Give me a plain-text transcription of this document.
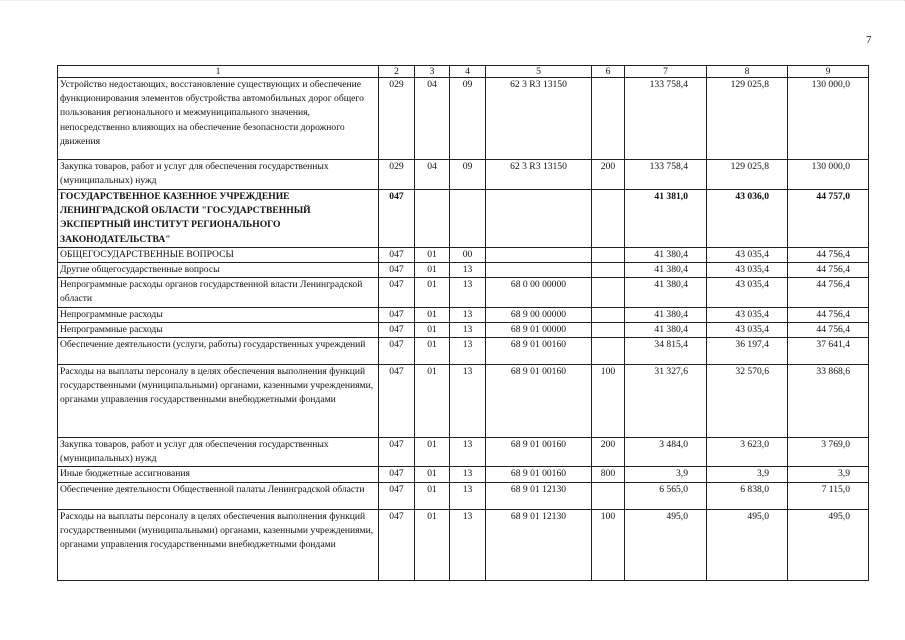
7
1	2	3	4	5	6	7	8	9
Устройство недостающих, восстановление существующих и обеспечение функционирования элементов обустройства автомобильных дорог общего пользования регионального и межмуниципального значения, непосредственно влияющих на обеспечение безопасности дорожного движения	029	04	09	62 3 R3 13150		133 758,4	129 025,8	130 000,0
Закупка товаров, работ и услуг для обеспечения государственных (муниципальных) нужд	029	04	09	62 3 R3 13150	200	133 758,4	129 025,8	130 000,0
ГОСУДАРСТВЕННОЕ КАЗЕННОЕ УЧРЕЖДЕНИЕ ЛЕНИНГРАДСКОЙ ОБЛАСТИ "ГОСУДАРСТВЕННЫЙ ЭКСПЕРТНЫЙ ИНСТИТУТ РЕГИОНАЛЬНОГО ЗАКОНОДАТЕЛЬСТВА"	047					41 381,0	43 036,0	44 757,0
ОБЩЕГОСУДАРСТВЕННЫЕ ВОПРОСЫ	047	01	00			41 380,4	43 035,4	44 756,4
Другие общегосударственные вопросы	047	01	13			41 380,4	43 035,4	44 756,4
Непрограммные расходы органов государственной власти Ленинградской области	047	01	13	68 0 00 00000		41 380,4	43 035,4	44 756,4
Непрограммные расходы	047	01	13	68 9 00 00000		41 380,4	43 035,4	44 756,4
Непрограммные расходы	047	01	13	68 9 01 00000		41 380,4	43 035,4	44 756,4
Обеспечение деятельности (услуги, работы) государственных учреждений	047	01	13	68 9 01 00160		34 815,4	36 197,4	37 641,4
Расходы на выплаты персоналу в целях обеспечения выполнения функций государственными (муниципальными) органами, казенными учреждениями, органами управления государственными внебюджетными фондами	047	01	13	68 9 01 00160	100	31 327,6	32 570,6	33 868,6
Закупка товаров, работ и услуг для обеспечения государственных (муниципальных) нужд	047	01	13	68 9 01 00160	200	3 484,0	3 623,0	3 769,0
Иные бюджетные ассигнования	047	01	13	68 9 01 00160	800	3,9	3,9	3,9
Обеспечение деятельности Общественной палаты Ленинградской области	047	01	13	68 9 01 12130		6 565,0	6 838,0	7 115,0
Расходы на выплаты персоналу в целях обеспечения выполнения функций государственными (муниципальными) органами, казенными учреждениями, органами управления государственными внебюджетными фондами	047	01	13	68 9 01 12130	100	495,0	495,0	495,0
